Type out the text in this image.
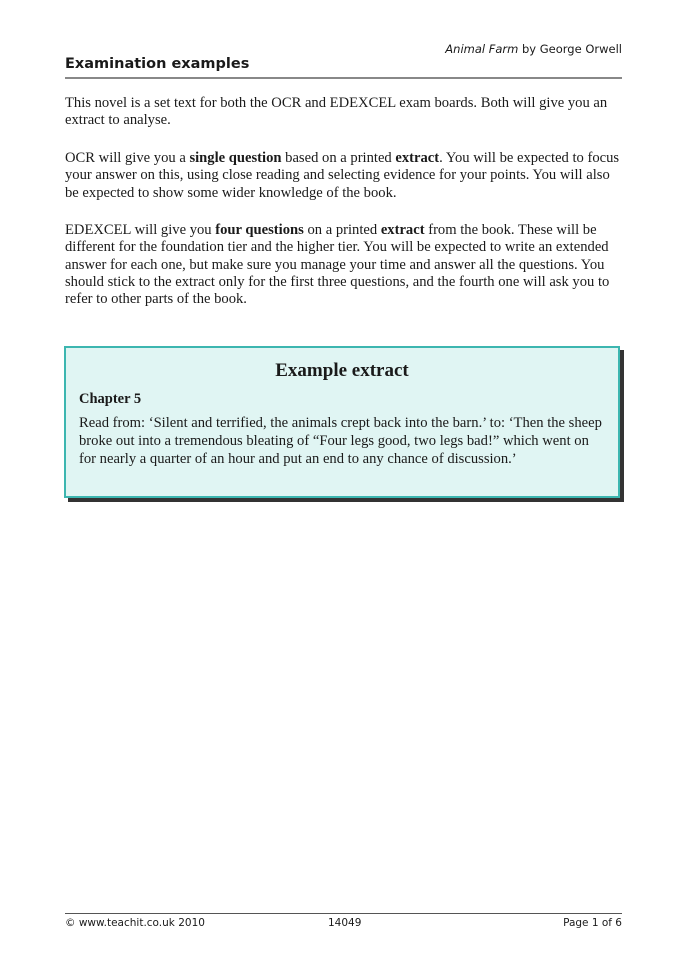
Animal Farm by George Orwell
Examination examples

This novel is a set text for both the OCR and EDEXCEL exam boards. Both will give you an extract to analyse.

OCR will give you a single question based on a printed extract. You will be expected to focus your answer on this, using close reading and selecting evidence for your points. You will also be expected to show some wider knowledge of the book.

EDEXCEL will give you four questions on a printed extract from the book. These will be different for the foundation tier and the higher tier. You will be expected to write an extended answer for each one, but make sure you manage your time and answer all the questions. You should stick to the extract only for the first three questions, and the fourth one will ask you to refer to other parts of the book.

Example extract
Chapter 5
Read from: ‘Silent and terrified, the animals crept back into the barn.’ to: ‘Then the sheep broke out into a tremendous bleating of “Four legs good, two legs bad!” which went on for nearly a quarter of an hour and put an end to any chance of discussion.’
© www.teachit.co.uk 2010	14049	Page 1 of 6
